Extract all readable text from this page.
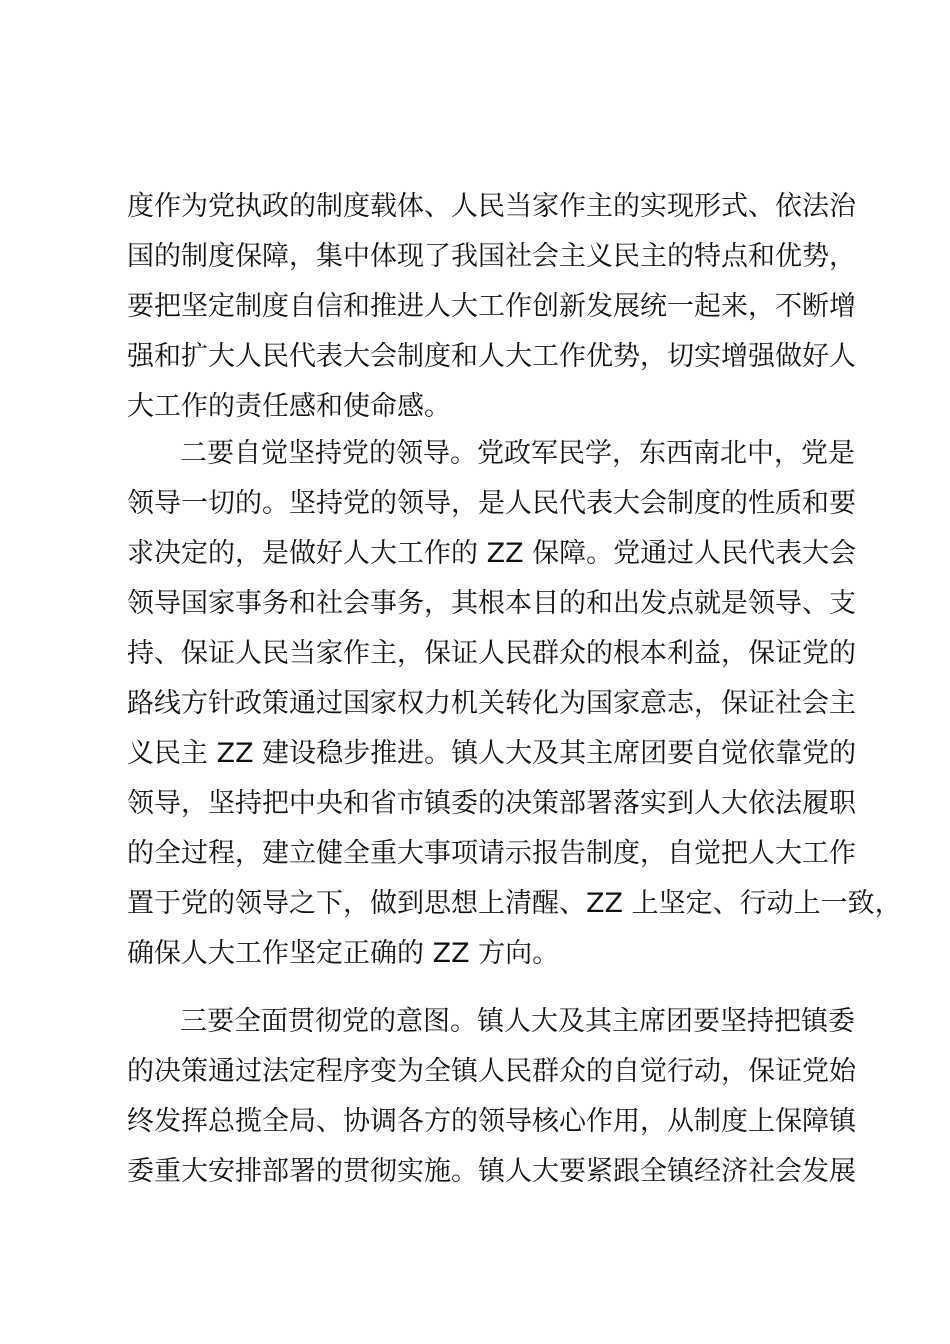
度作为党执政的制度载体、人民当家作主的实现形式、依法治
国的制度保障，集中体现了我国社会主义民主的特点和优势，
要把坚定制度自信和推进人大工作创新发展统一起来，不断增
强和扩大人民代表大会制度和人大工作优势，切实增强做好人
大工作的责任感和使命感。
二要自觉坚持党的领导。党政军民学，东西南北中，党是
领导一切的。坚持党的领导，是人民代表大会制度的性质和要
求决定的，是做好人大工作的 ZZ 保障。党通过人民代表大会
领导国家事务和社会事务，其根本目的和出发点就是领导、支
持、保证人民当家作主，保证人民群众的根本利益，保证党的
路线方针政策通过国家权力机关转化为国家意志，保证社会主
义民主 ZZ 建设稳步推进。镇人大及其主席团要自觉依靠党的
领导，坚持把中央和省市镇委的决策部署落实到人大依法履职
的全过程，建立健全重大事项请示报告制度，自觉把人大工作
置于党的领导之下，做到思想上清醒、ZZ 上坚定、行动上一致，
确保人大工作坚定正确的 ZZ 方向。
三要全面贯彻党的意图。镇人大及其主席团要坚持把镇委
的决策通过法定程序变为全镇人民群众的自觉行动，保证党始
终发挥总揽全局、协调各方的领导核心作用，从制度上保障镇
委重大安排部署的贯彻实施。镇人大要紧跟全镇经济社会发展
